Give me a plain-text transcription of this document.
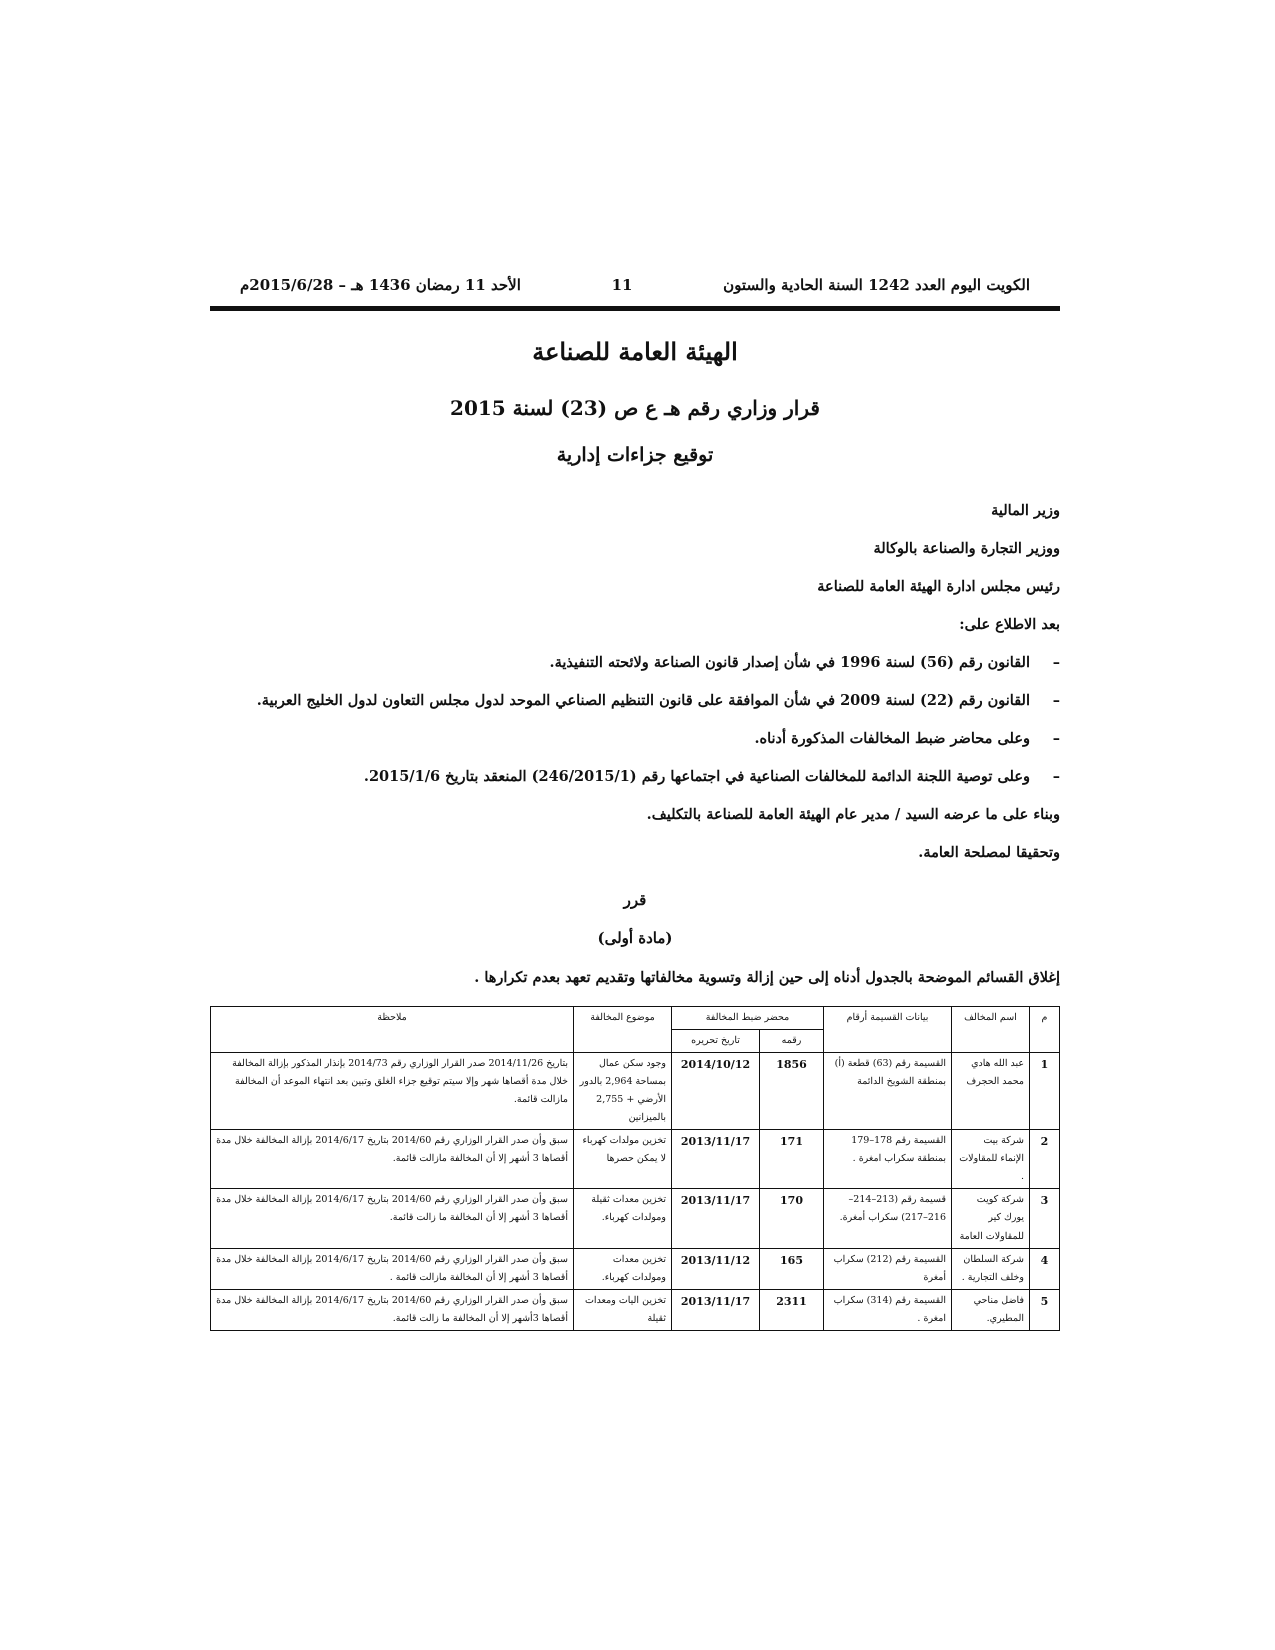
الكويت اليوم العدد 1242 السنة الحادية والستون
11
الأحد 11 رمضان 1436 هـ – 2015/6/28م
الهيئة العامة للصناعة
قرار وزاري رقم هـ ع ص (23) لسنة 2015
توقيع جزاءات إدارية

وزير المالية

ووزير التجارة والصناعة بالوكالة

رئيس مجلس ادارة الهيئة العامة للصناعة

بعد الاطلاع على:

–
القانون رقم (56) لسنة 1996 في شأن إصدار قانون الصناعة ولائحته التنفيذية.
–
القانون رقم (22) لسنة 2009 في شأن الموافقة على قانون التنظيم الصناعي الموحد لدول مجلس التعاون لدول الخليج العربية.
–
وعلى محاضر ضبط المخالفات المذكورة أدناه.
–
وعلى توصية اللجنة الدائمة للمخالفات الصناعية في اجتماعها رقم (246/2015/1) المنعقد بتاريخ 2015/1/6.

وبناء على ما عرضه السيد / مدير عام الهيئة العامة للصناعة بالتكليف.

وتحقيقا لمصلحة العامة.

قرر
(مادة أولى)

إغلاق القسائم الموضحة بالجدول أدناه إلى حين إزالة وتسوية مخالفاتها وتقديم تعهد بعدم تكرارها .

م	اسم المخالف	بيانات القسيمة أرقام	محضر ضبط المخالفة		موضوع المخالفة	ملاحظة
			رقمه	تاريخ تحريره		
1	عبد الله هادي محمد الحجرف	القسيمة رقم (63) قطعة (أ) بمنطقة الشويخ الدائمة	1856	2014/10/12	وجود سكن عمال بمساحة 2,964 بالدور الأرضي + 2,755 بالميزانين	بتاريخ 2014/11/26 صدر القرار الوزاري رقم 2014/73 بإنذار المذكور بإزالة المخالفة خلال مدة أقصاها شهر وإلا سيتم توقيع جزاء الغلق وتبين بعد انتهاء الموعد أن المخالفة مازالت قائمة.
2	شركة بيت الإنماء للمقاولات .	القسيمة رقم 178–179 بمنطقة سكراب امغرة .	171	2013/11/17	تخزين مولدات كهرباء لا يمكن حصرها	سبق وأن صدر القرار الوزاري رقم 2014/60 بتاريخ 2014/6/17 بإزالة المخالفة خلال مدة أقصاها 3 أشهر إلا أن المخالفة مازالت قائمة.
3	شركة كويت يورك كير للمقاولات العامة	قسيمة رقم (213–214–216–217) سكراب أمغرة.	170	2013/11/17	تخزين معدات ثقيلة ومولدات كهرباء.	سبق وأن صدر القرار الوزاري رقم 2014/60 بتاريخ 2014/6/17 بإزالة المخالفة خلال مدة أقصاها 3 أشهر إلا أن المخالفة ما زالت قائمة.
4	شركة السلطان وخلف التجارية .	القسيمة رقم (212) سكراب أمغرة	165	2013/11/12	تخزين معدات ومولدات كهرباء.	سبق وأن صدر القرار الوزاري رقم 2014/60 بتاريخ 2014/6/17 بإزالة المخالفة خلال مدة أقصاها 3 أشهر إلا أن المخالفة مازالت قائمة .
5	فاضل مناحي المطيري.	القسيمة رقم (314) سكراب امغرة .	2311	2013/11/17	تخزين اليات ومعدات ثقيلة	سبق وأن صدر القرار الوزاري رقم 2014/60 بتاريخ 2014/6/17 بإزالة المخالفة خلال مدة أقصاها 3أشهر إلا أن المخالفة ما زالت قائمة.
